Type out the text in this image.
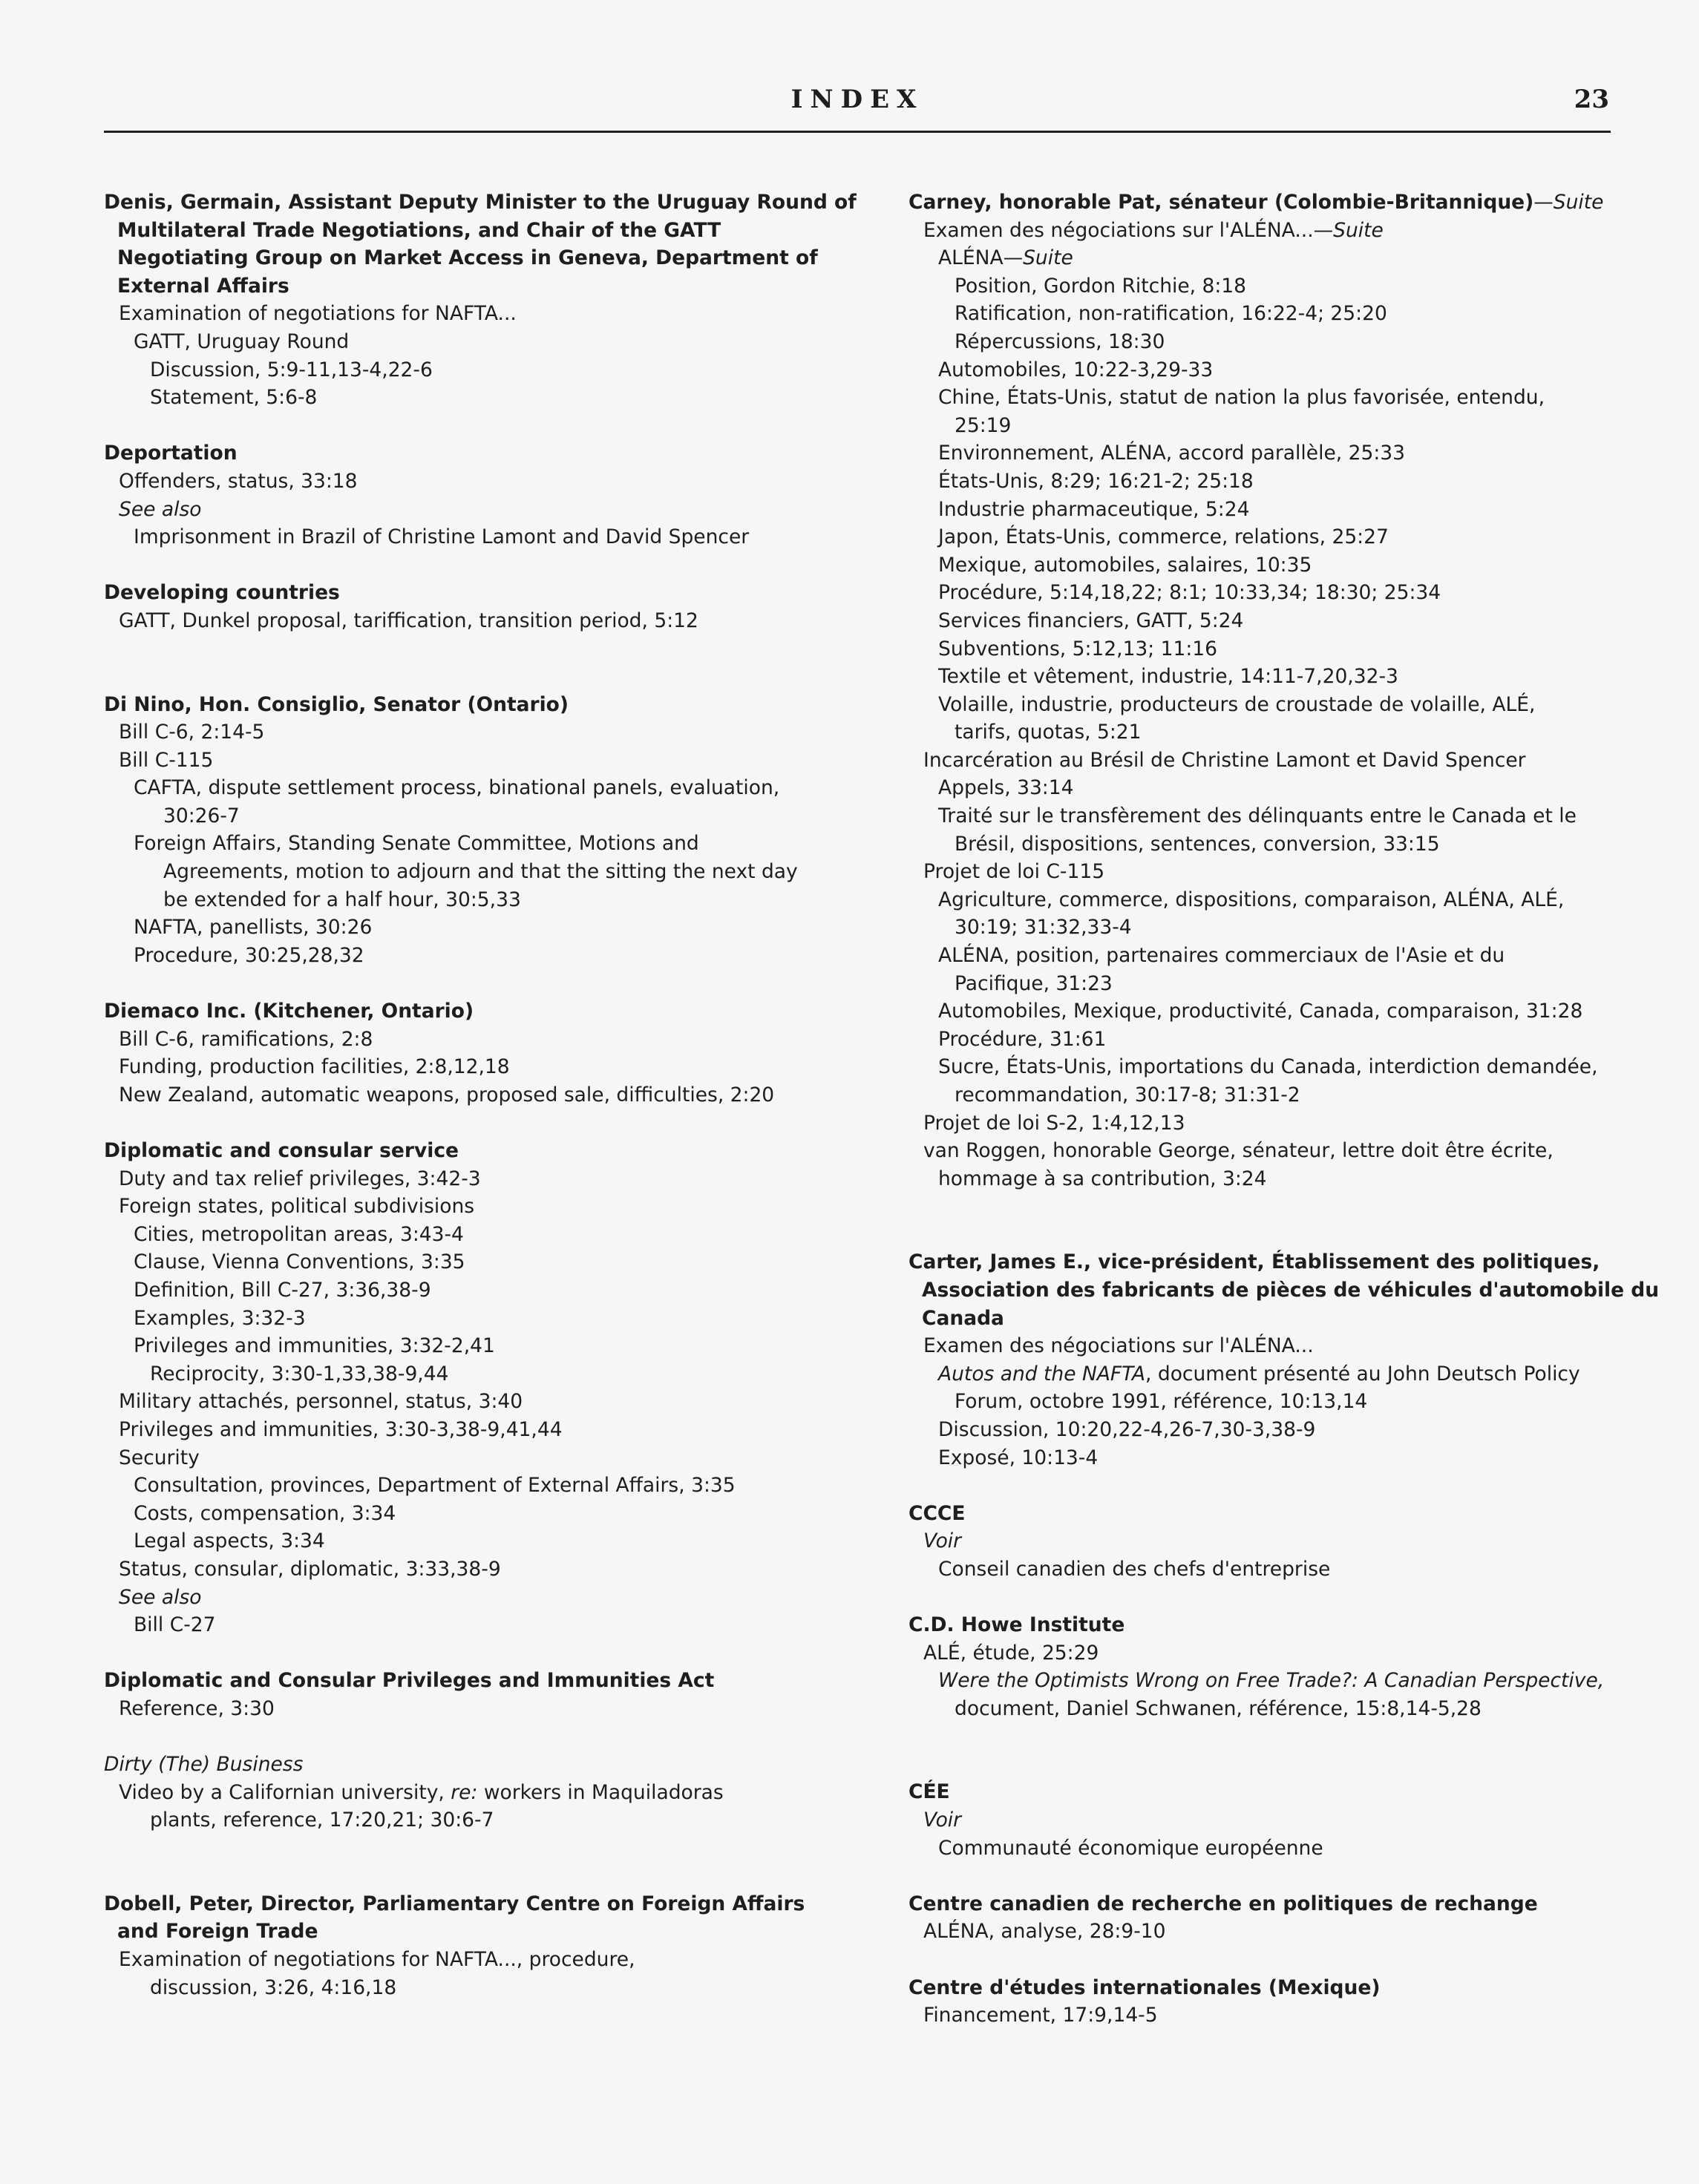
INDEX	23
Denis, Germain, Assistant Deputy Minister to the Uruguay Round of
Multilateral Trade Negotiations, and Chair of the GATT
Negotiating Group on Market Access in Geneva, Department of
External Affairs
Examination of negotiations for NAFTA...
GATT, Uruguay Round
Discussion, 5:9-11,13-4,22-6
Statement, 5:6-8
Deportation
Offenders, status, 33:18
See also
Imprisonment in Brazil of Christine Lamont and David Spencer
Developing countries
GATT, Dunkel proposal, tariffication, transition period, 5:12
Di Nino, Hon. Consiglio, Senator (Ontario)
Bill C-6, 2:14-5
Bill C-115
CAFTA, dispute settlement process, binational panels, evaluation,
30:26-7
Foreign Affairs, Standing Senate Committee, Motions and
Agreements, motion to adjourn and that the sitting the next day
be extended for a half hour, 30:5,33
NAFTA, panellists, 30:26
Procedure, 30:25,28,32
Diemaco Inc. (Kitchener, Ontario)
Bill C-6, ramifications, 2:8
Funding, production facilities, 2:8,12,18
New Zealand, automatic weapons, proposed sale, difficulties, 2:20
Diplomatic and consular service
Duty and tax relief privileges, 3:42-3
Foreign states, political subdivisions
Cities, metropolitan areas, 3:43-4
Clause, Vienna Conventions, 3:35
Definition, Bill C-27, 3:36,38-9
Examples, 3:32-3
Privileges and immunities, 3:32-2,41
Reciprocity, 3:30-1,33,38-9,44
Military attachés, personnel, status, 3:40
Privileges and immunities, 3:30-3,38-9,41,44
Security
Consultation, provinces, Department of External Affairs, 3:35
Costs, compensation, 3:34
Legal aspects, 3:34
Status, consular, diplomatic, 3:33,38-9
See also
Bill C-27
Diplomatic and Consular Privileges and Immunities Act
Reference, 3:30
Dirty (The) Business
Video by a Californian university, re: workers in Maquiladoras
plants, reference, 17:20,21; 30:6-7
Dobell, Peter, Director, Parliamentary Centre on Foreign Affairs
and Foreign Trade
Examination of negotiations for NAFTA..., procedure,
discussion, 3:26, 4:16,18
Carney, honorable Pat, sénateur (Colombie-Britannique)—Suite
Examen des négociations sur l'ALÉNA...—Suite
ALÉNA—Suite
Position, Gordon Ritchie, 8:18
Ratification, non-ratification, 16:22-4; 25:20
Répercussions, 18:30
Automobiles, 10:22-3,29-33
Chine, États-Unis, statut de nation la plus favorisée, entendu,
25:19
Environnement, ALÉNA, accord parallèle, 25:33
États-Unis, 8:29; 16:21-2; 25:18
Industrie pharmaceutique, 5:24
Japon, États-Unis, commerce, relations, 25:27
Mexique, automobiles, salaires, 10:35
Procédure, 5:14,18,22; 8:1; 10:33,34; 18:30; 25:34
Services financiers, GATT, 5:24
Subventions, 5:12,13; 11:16
Textile et vêtement, industrie, 14:11-7,20,32-3
Volaille, industrie, producteurs de croustade de volaille, ALÉ,
tarifs, quotas, 5:21
Incarcération au Brésil de Christine Lamont et David Spencer
Appels, 33:14
Traité sur le transfèrement des délinquants entre le Canada et le
Brésil, dispositions, sentences, conversion, 33:15
Projet de loi C-115
Agriculture, commerce, dispositions, comparaison, ALÉNA, ALÉ,
30:19; 31:32,33-4
ALÉNA, position, partenaires commerciaux de l'Asie et du
Pacifique, 31:23
Automobiles, Mexique, productivité, Canada, comparaison, 31:28
Procédure, 31:61
Sucre, États-Unis, importations du Canada, interdiction demandée,
recommandation, 30:17-8; 31:31-2
Projet de loi S-2, 1:4,12,13
van Roggen, honorable George, sénateur, lettre doit être écrite,
hommage à sa contribution, 3:24
Carter, James E., vice-président, Établissement des politiques,
Association des fabricants de pièces de véhicules d'automobile du
Canada
Examen des négociations sur l'ALÉNA...
Autos and the NAFTA, document présenté au John Deutsch Policy
Forum, octobre 1991, référence, 10:13,14
Discussion, 10:20,22-4,26-7,30-3,38-9
Exposé, 10:13-4
CCCE
Voir
Conseil canadien des chefs d'entreprise
C.D. Howe Institute
ALÉ, étude, 25:29
Were the Optimists Wrong on Free Trade?: A Canadian Perspective,
document, Daniel Schwanen, référence, 15:8,14-5,28
CÉE
Voir
Communauté économique européenne
Centre canadien de recherche en politiques de rechange
ALÉNA, analyse, 28:9-10
Centre d'études internationales (Mexique)
Financement, 17:9,14-5
